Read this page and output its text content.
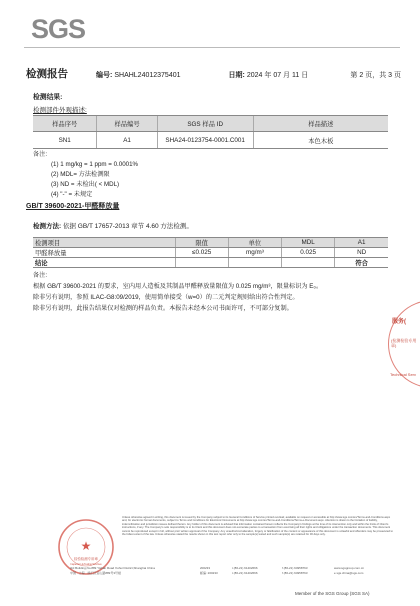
SGS
检测报告	编号: SHAHL24012375401	日期: 2024 年 07 月 11 日	第 2 页，共 3 页
检测结果:
检测部件外观描述:
样品序号	样品编号	SGS 样品 ID	样品描述
SN1	A1	SHA24-0123754-0001.C001	本色木板
备注:
(1) 1 mg/kg = 1 ppm = 0.0001%
(2) MDL= 方法检测限
(3) ND = 未检出( < MDL)
(4) "-" = 未规定
GB/T 39600-2021-甲醛释放量
检测方法: 依据 GB/T 17657-2013 章节 4.60 方法检测。
检测项目	限值	单位	MDL	A1
甲醛释放量	≤0.025	mg/m³	0.025	ND
结论				符合
备注:
根据 GB/T 39600-2021 的要求，室内用人造板及其制品甲醛释放量限值为 0.025 mg/m³，限量标识为 E₀。
除非另有说明，参照 ILAC-G8:09/2019，使用简单接受（w=0）的二元判定规则给出符合性判定。
除非另有说明，此报告结果仅对检测的样品负责。本报告未经本公司书面许可，不可部分复制。
服务(
(检测检验专用章)
Technical Serv
★
检验检测专用章
Inspection & Testing Services
Unless otherwise agreed in writing, this document is issued by the Company subject to its General Conditions of Service printed overleaf, available on request or accessible at http://www.sgs.com/en/Terms-and-Conditions.aspx and, for electronic format documents, subject to Terms and Conditions for Electronic Documents at http://www.sgs.com/en/Terms-and-Conditions/Terms-e-Document.aspx. Attention is drawn to the limitation of liability, indemnification and jurisdiction issues defined therein. Any holder of this document is advised that information contained hereon reflects the Company's findings at the time of its intervention only and within the limits of Client's instructions, if any. The Company's sole responsibility is to its Client and this document does not exonerate parties to a transaction from exercising all their rights and obligations under the transaction documents. This document cannot be reproduced except in full, without prior written approval of the Company. Any unauthorized alteration, forgery or falsification of the content or appearance of this document is unlawful and offenders may be prosecuted to the fullest extent of the law. Unless otherwise stated the results shown in this test report refer only to the sample(s) tested and such sample(s) are retained for 30 days only.
3rd Building,No.889 Yishan Road Xuhui District,Shanghai China	200233	t (86-21) 61402666	f (86-21) 64958763	www.sgsgroup.com.cn
中国 · 上海 · 徐汇区宜山路889号3号楼	邮编: 200233	t (86-21) 61402666	f (86-21) 64958763	e sgs.china@sgs.com
Member of the SGS Group (SGS SA)
